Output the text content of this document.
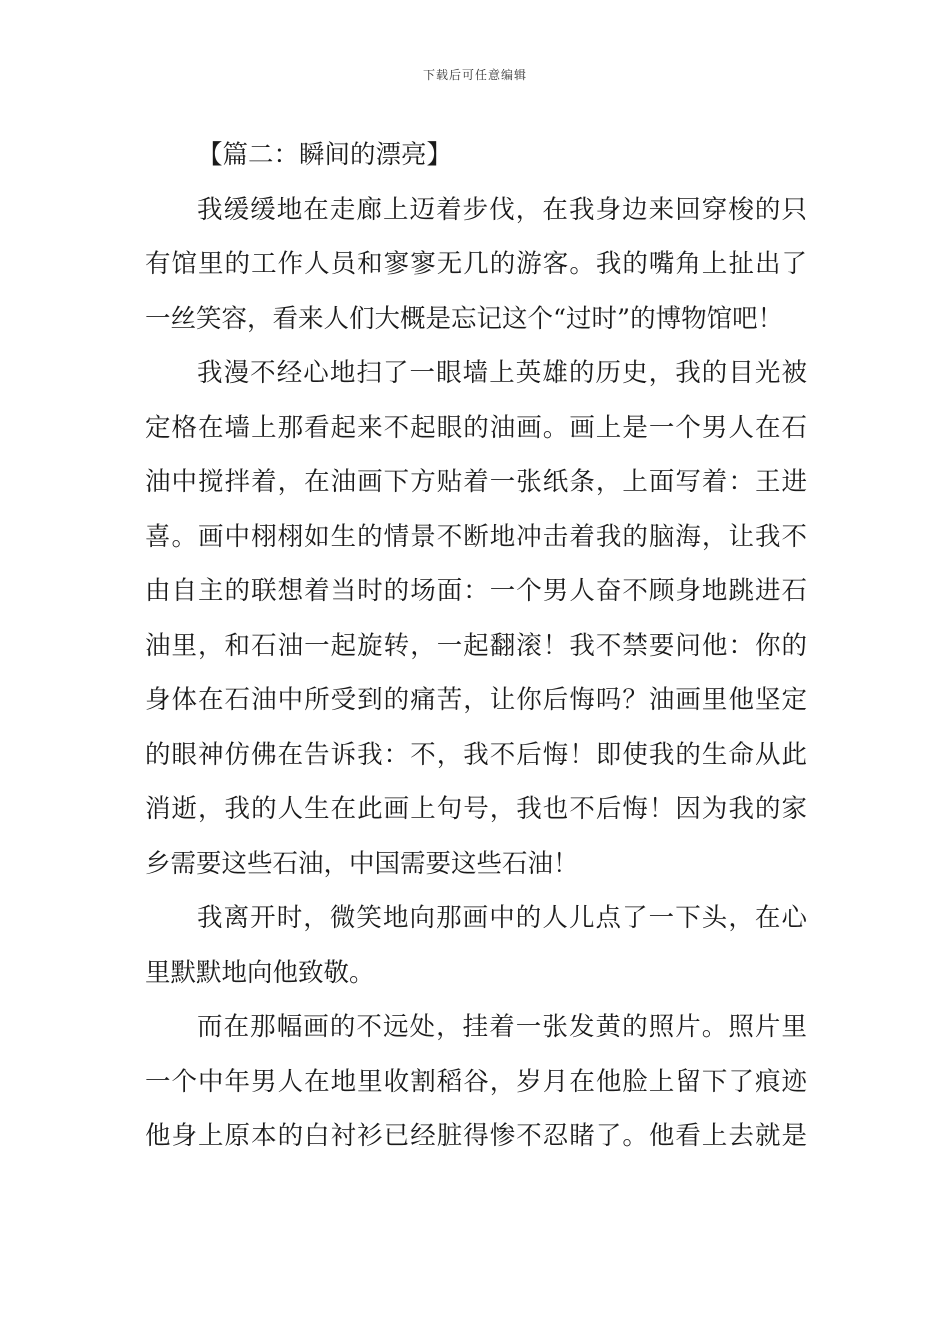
下载后可任意编辑
【篇二：瞬间的漂亮】
我缓缓地在走廊上迈着步伐，在我身边来回穿梭的只
有馆里的工作人员和寥寥无几的游客。我的嘴角上扯出了
一丝笑容，看来人们大概是忘记这个“过时”的博物馆吧！
我漫不经心地扫了一眼墙上英雄的历史，我的目光被
定格在墙上那看起来不起眼的油画。画上是一个男人在石
油中搅拌着，在油画下方贴着一张纸条，上面写着：王进
喜。画中栩栩如生的情景不断地冲击着我的脑海，让我不
由自主的联想着当时的场面：一个男人奋不顾身地跳进石
油里，和石油一起旋转，一起翻滚！我不禁要问他：你的
身体在石油中所受到的痛苦，让你后悔吗？油画里他坚定
的眼神仿佛在告诉我：不，我不后悔！即使我的生命从此
消逝，我的人生在此画上句号，我也不后悔！因为我的家
乡需要这些石油，中国需要这些石油！
我离开时，微笑地向那画中的人儿点了一下头，在心
里默默地向他致敬。
而在那幅画的不远处，挂着一张发黄的照片。照片里
一个中年男人在地里收割稻谷，岁月在他脸上留下了痕迹
他身上原本的白衬衫已经脏得惨不忍睹了。他看上去就是
